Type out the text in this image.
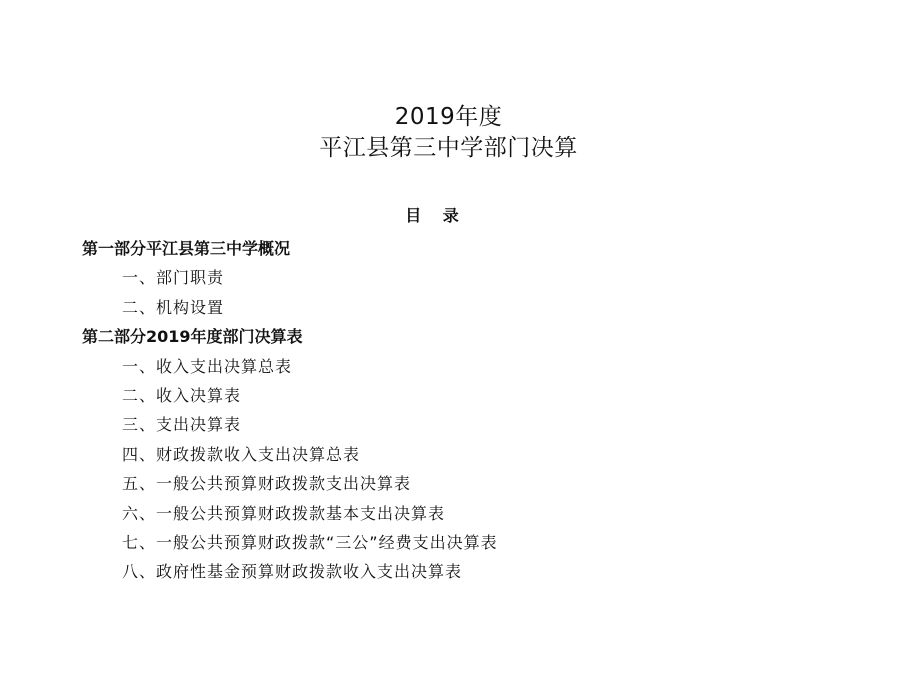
2019年度
平江县第三中学部门决算
目 录
第一部分平江县第三中学概况
一、部门职责
二、机构设置
第二部分2019年度部门决算表
一、收入支出决算总表
二、收入决算表
三、支出决算表
四、财政拨款收入支出决算总表
五、一般公共预算财政拨款支出决算表
六、一般公共预算财政拨款基本支出决算表
七、一般公共预算财政拨款“三公”经费支出决算表
八、政府性基金预算财政拨款收入支出决算表
